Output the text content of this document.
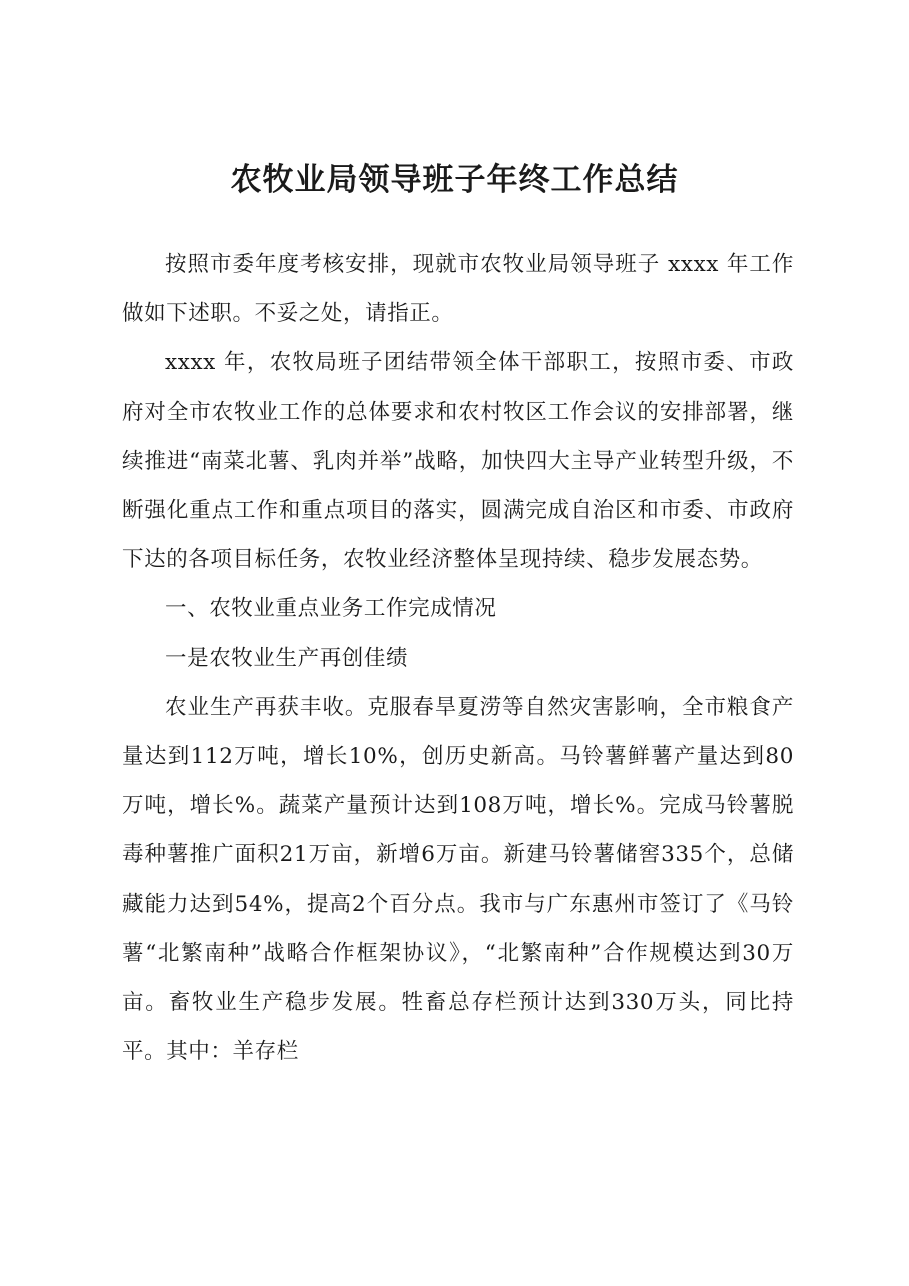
农牧业局领导班子年终工作总结

按照市委年度考核安排，现就市农牧业局领导班子 xxxx 年工作做如下述职。不妥之处，请指正。

xxxx 年，农牧局班子团结带领全体干部职工，按照市委、市政府对全市农牧业工作的总体要求和农村牧区工作会议的安排部署，继续推进“南菜北薯、乳肉并举”战略，加快四大主导产业转型升级，不断强化重点工作和重点项目的落实，圆满完成自治区和市委、市政府下达的各项目标任务，农牧业经济整体呈现持续、稳步发展态势。

一、农牧业重点业务工作完成情况

一是农牧业生产再创佳绩

农业生产再获丰收。克服春旱夏涝等自然灾害影响，全市粮食产量达到112万吨，增长10%，创历史新高。马铃薯鲜薯产量达到80万吨，增长%。蔬菜产量预计达到108万吨，增长%。完成马铃薯脱毒种薯推广面积21万亩，新增6万亩。新建马铃薯储窖335个，总储藏能力达到54%，提高2个百分点。我市与广东惠州市签订了《马铃薯“北繁南种”战略合作框架协议》，“北繁南种”合作规模达到30万亩。畜牧业生产稳步发展。牲畜总存栏预计达到330万头，同比持平。其中：羊存栏
